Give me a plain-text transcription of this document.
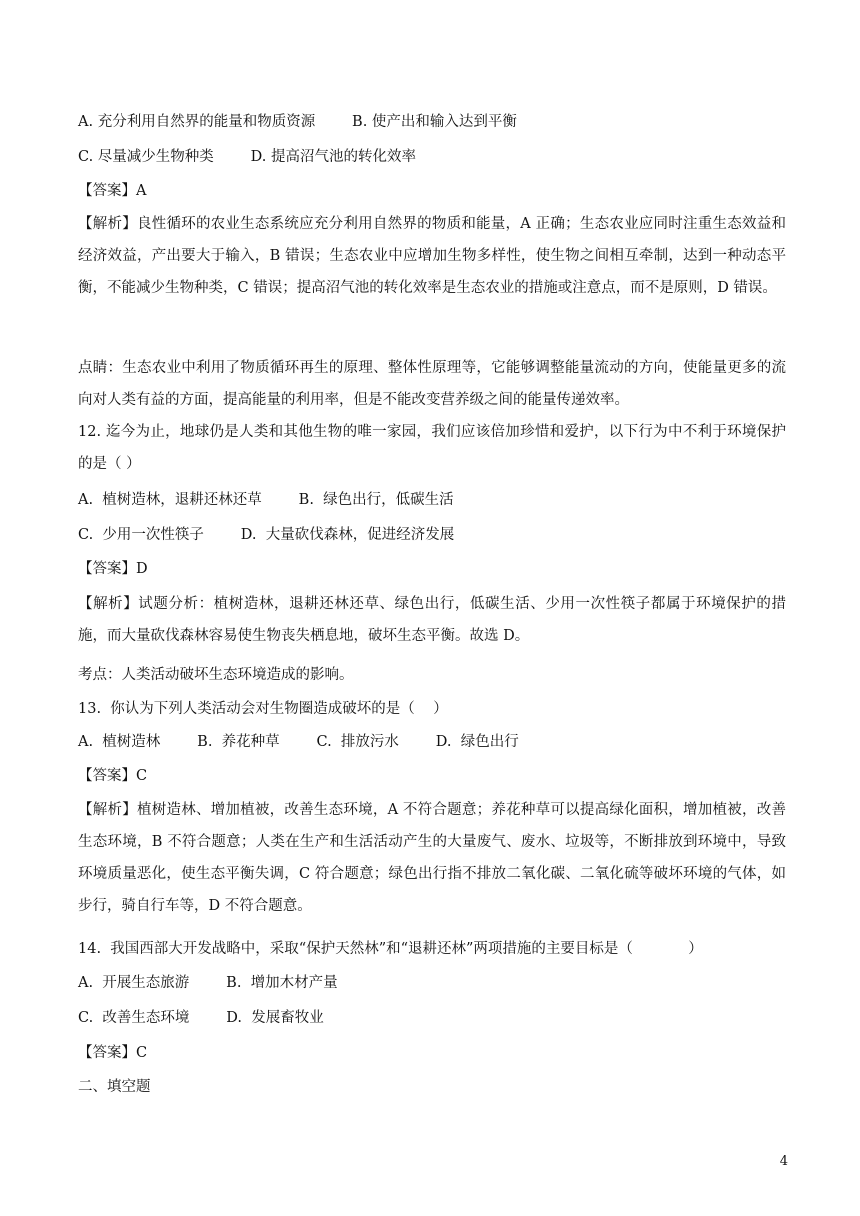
A. 充分利用自然界的能量和物质资源        B. 使产出和输入达到平衡
C. 尽量减少生物种类        D. 提高沼气池的转化效率
【答案】A
【解析】良性循环的农业生态系统应充分利用自然界的物质和能量，A 正确；生态农业应同时注重生态效益和经济效益，产出要大于输入，B 错误；生态农业中应增加生物多样性，使生物之间相互牵制，达到一种动态平衡，不能减少生物种类，C 错误；提高沼气池的转化效率是生态农业的措施或注意点，而不是原则，D 错误。
点睛：生态农业中利用了物质循环再生的原理、整体性原理等，它能够调整能量流动的方向，使能量更多的流向对人类有益的方面，提高能量的利用率，但是不能改变营养级之间的能量传递效率。
12. 迄今为止，地球仍是人类和其他生物的唯一家园，我们应该倍加珍惜和爱护，以下行为中不利于环境保护的是（ ）
A.  植树造林，退耕还林还草        B.  绿色出行，低碳生活
C.  少用一次性筷子        D.  大量砍伐森林，促进经济发展
【答案】D
【解析】试题分析：植树造林，退耕还林还草、绿色出行，低碳生活、少用一次性筷子都属于环境保护的措施，而大量砍伐森林容易使生物丧失栖息地，破坏生态平衡。故选 D。
考点：人类活动破坏生态环境造成的影响。
13.  你认为下列人类活动会对生物圈造成破坏的是（    ）
A.  植树造林        B.  养花种草        C.  排放污水        D.  绿色出行
【答案】C
【解析】植树造林、增加植被，改善生态环境，A 不符合题意；养花种草可以提高绿化面积，增加植被，改善生态环境，B 不符合题意；人类在生产和生活活动产生的大量废气、废水、垃圾等，不断排放到环境中，导致环境质量恶化，使生态平衡失调，C 符合题意；绿色出行指不排放二氧化碳、二氧化硫等破坏环境的气体，如步行，骑自行车等，D 不符合题意。
14.  我国西部大开发战略中，采取“保护天然林”和“退耕还林”两项措施的主要目标是（            ）
A.  开展生态旅游        B.  增加木材产量
C.  改善生态环境        D.  发展畜牧业
【答案】C
二、填空题
4
